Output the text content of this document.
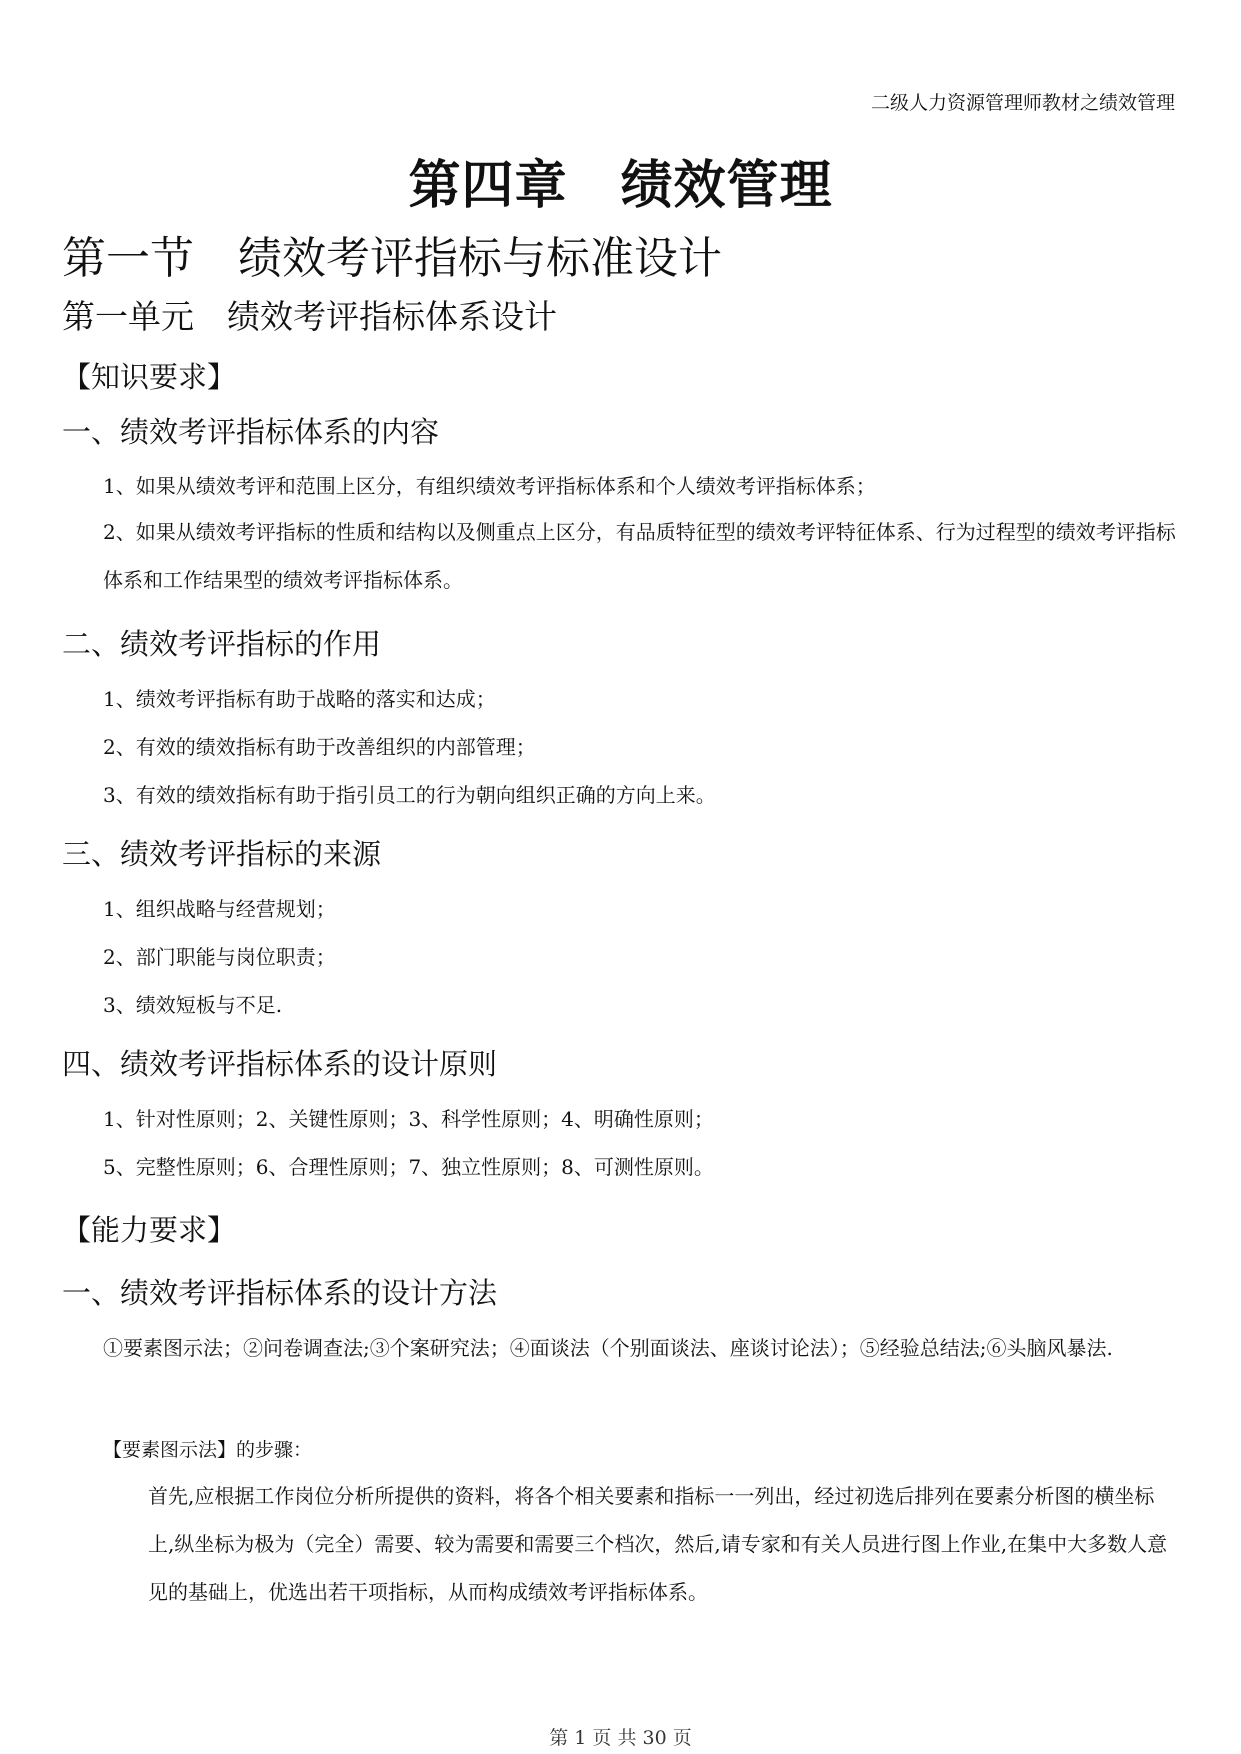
二级人力资源管理师教材之绩效管理
第四章　绩效管理
第一节　绩效考评指标与标准设计
第一单元　绩效考评指标体系设计
【知识要求】
一、绩效考评指标体系的内容
1、如果从绩效考评和范围上区分，有组织绩效考评指标体系和个人绩效考评指标体系；
2、如果从绩效考评指标的性质和结构以及侧重点上区分，有品质特征型的绩效考评特征体系、行为过程型的绩效考评指标体系和工作结果型的绩效考评指标体系。
二、绩效考评指标的作用
1、绩效考评指标有助于战略的落实和达成；
2、有效的绩效指标有助于改善组织的内部管理；
3、有效的绩效指标有助于指引员工的行为朝向组织正确的方向上来。
三、绩效考评指标的来源
1、组织战略与经营规划；
2、部门职能与岗位职责；
3、绩效短板与不足.
四、绩效考评指标体系的设计原则
1、针对性原则；2、关键性原则；3、科学性原则；4、明确性原则；
5、完整性原则；6、合理性原则；7、独立性原则；8、可测性原则。
【能力要求】
一、绩效考评指标体系的设计方法
①要素图示法；②问卷调查法;③个案研究法；④面谈法（个别面谈法、座谈讨论法）；⑤经验总结法;⑥头脑风暴法.
【要素图示法】的步骤：
首先,应根据工作岗位分析所提供的资料，将各个相关要素和指标一一列出，经过初选后排列在要素分析图的横坐标上,纵坐标为极为（完全）需要、较为需要和需要三个档次，然后,请专家和有关人员进行图上作业,在集中大多数人意见的基础上，优选出若干项指标，从而构成绩效考评指标体系。
第 1 页 共 30 页
